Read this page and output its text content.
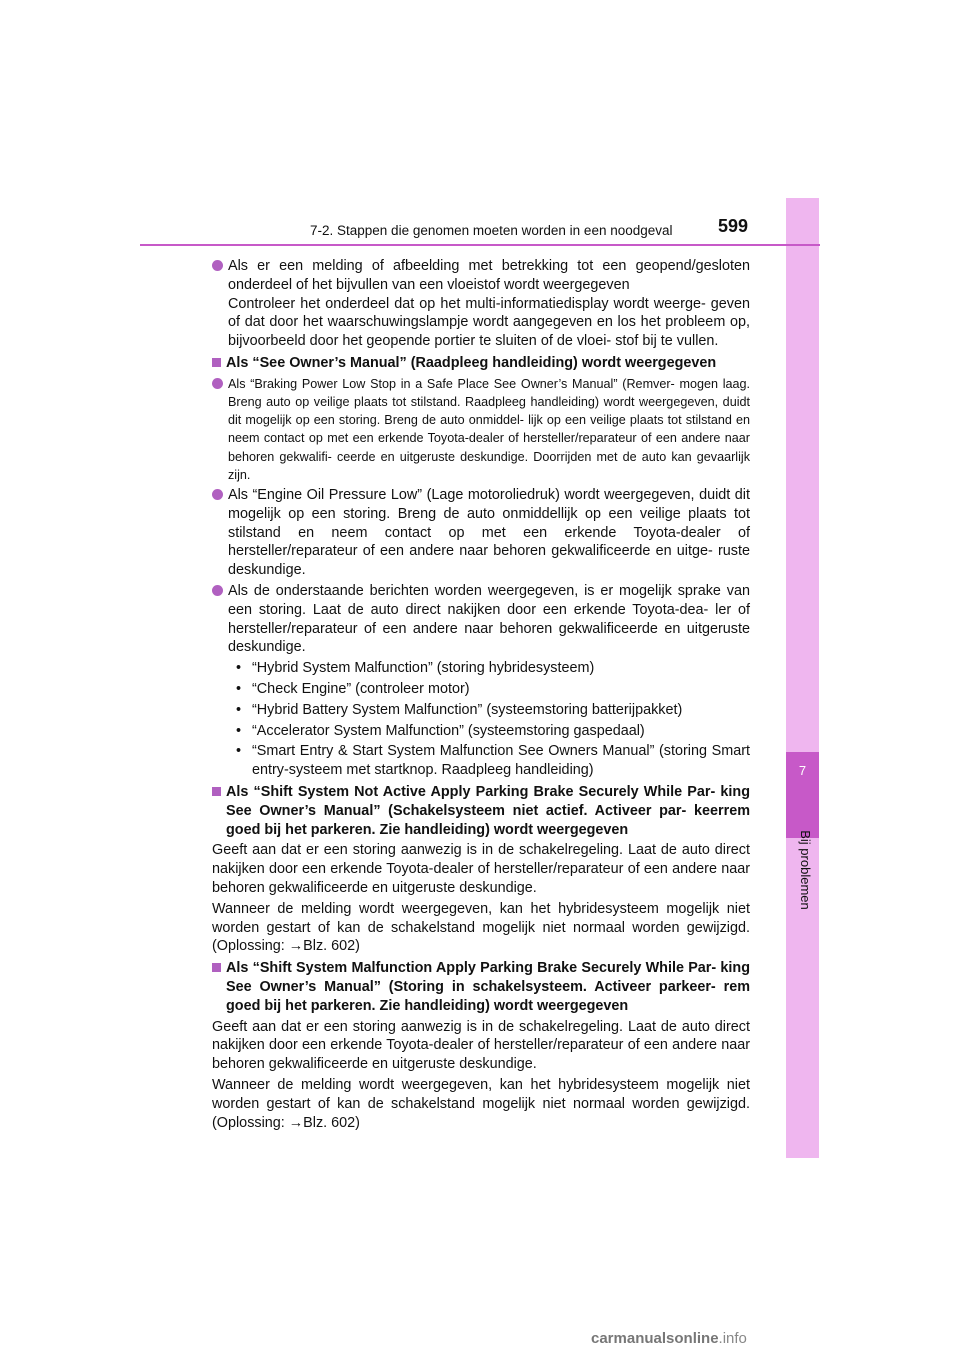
7
Bij problemen
7-2. Stappen die genomen moeten worden in een noodgeval	599
Als er een melding of afbeelding met betrekking tot een geopend/gesloten onderdeel of het bijvullen van een vloeistof wordt weergegeven
Controleer het onderdeel dat op het multi-informatiedisplay wordt weerge- geven of dat door het waarschuwingslampje wordt aangegeven en los het probleem op, bijvoorbeeld door het geopende portier te sluiten of de vloei- stof bij te vullen.
Als “See Owner’s Manual” (Raadpleeg handleiding) wordt weergegeven
Als “Braking Power Low Stop in a Safe Place See Owner’s Manual” (Remver- mogen laag. Breng auto op veilige plaats tot stilstand. Raadpleeg handleiding) wordt weergegeven, duidt dit mogelijk op een storing. Breng de auto onmiddel- lijk op een veilige plaats tot stilstand en neem contact op met een erkende Toyota-dealer of hersteller/reparateur of een andere naar behoren gekwalifi- ceerde en uitgeruste deskundige. Doorrijden met de auto kan gevaarlijk zijn.
Als “Engine Oil Pressure Low” (Lage motoroliedruk) wordt weergegeven, duidt dit mogelijk op een storing. Breng de auto onmiddellijk op een veilige plaats tot stilstand en neem contact op met een erkende Toyota-dealer of hersteller/reparateur of een andere naar behoren gekwalificeerde en uitge- ruste deskundige.
Als de onderstaande berichten worden weergegeven, is er mogelijk sprake van een storing. Laat de auto direct nakijken door een erkende Toyota-dea- ler of hersteller/reparateur of een andere naar behoren gekwalificeerde en uitgeruste deskundige.
• “Hybrid System Malfunction” (storing hybridesysteem)
• “Check Engine” (controleer motor)
• “Hybrid Battery System Malfunction” (systeemstoring batterijpakket)
• “Accelerator System Malfunction” (systeemstoring gaspedaal)
• “Smart Entry & Start System Malfunction See Owners Manual” (storing Smart entry-systeem met startknop. Raadpleeg handleiding)
Als “Shift System Not Active Apply Parking Brake Securely While Par- king See Owner’s Manual” (Schakelsysteem niet actief. Activeer par- keerrem goed bij het parkeren. Zie handleiding) wordt weergegeven
Geeft aan dat er een storing aanwezig is in de schakelregeling. Laat de auto direct nakijken door een erkende Toyota-dealer of hersteller/reparateur of een andere naar behoren gekwalificeerde en uitgeruste deskundige.
Wanneer de melding wordt weergegeven, kan het hybridesysteem mogelijk niet worden gestart of kan de schakelstand mogelijk niet normaal worden gewijzigd. (Oplossing: →Blz. 602)
Als “Shift System Malfunction Apply Parking Brake Securely While Par- king See Owner’s Manual” (Storing in schakelsysteem. Activeer parkeer- rem goed bij het parkeren. Zie handleiding) wordt weergegeven
Geeft aan dat er een storing aanwezig is in de schakelregeling. Laat de auto direct nakijken door een erkende Toyota-dealer of hersteller/reparateur of een andere naar behoren gekwalificeerde en uitgeruste deskundige.
Wanneer de melding wordt weergegeven, kan het hybridesysteem mogelijk niet worden gestart of kan de schakelstand mogelijk niet normaal worden gewijzigd. (Oplossing: →Blz. 602)
carmanualsonline.info
